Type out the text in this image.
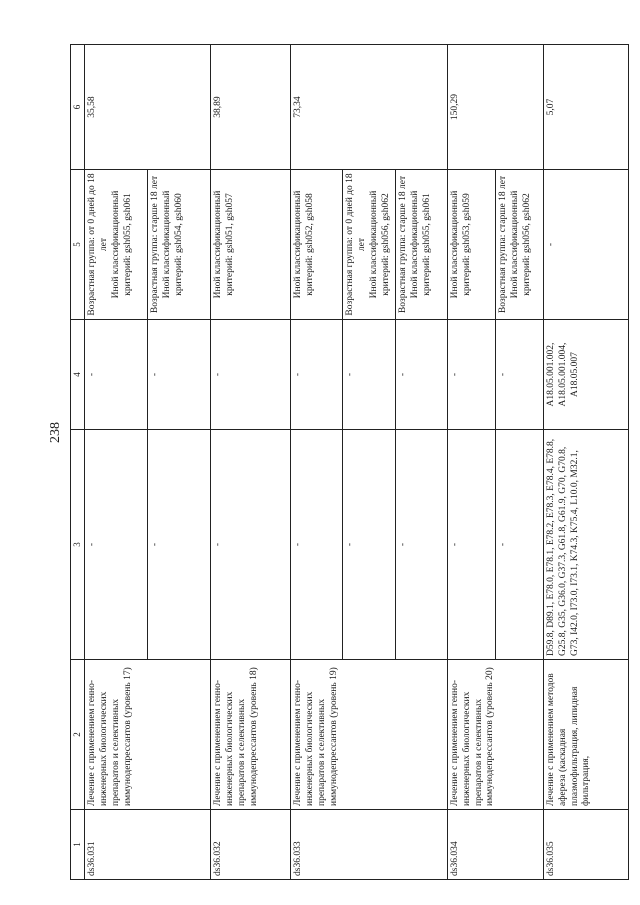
238
1	2	3	4	5	6
ds36.031	Лечение с применением генно-инженерных биологических препаратов и селективных иммунодепрессантов (уровень 17)	-	-	Возрастная группа: от 0 дней до 18 лет
Иной классификационный критерий: gsh055, gsh061	35,58
		-	-	Возрастная группа: старше 18 лет
Иной классификационный критерий: gsh054, gsh060	
ds36.032	Лечение с применением генно-инженерных биологических препаратов и селективных иммунодепрессантов (уровень 18)	-	-	Иной классификационный критерий: gsh051, gsh057	38,89
ds36.033	Лечение с применением генно-инженерных биологических препаратов и селективных иммунодепрессантов (уровень 19)	-	-	Иной классификационный критерий: gsh052, gsh058	73,34
		-	-	Возрастная группа: от 0 дней до 18 лет
Иной классификационный критерий: gsh056, gsh062	
		-	-	Возрастная группа: старше 18 лет
Иной классификационный критерий: gsh055, gsh061	
ds36.034	Лечение с применением генно-инженерных биологических препаратов и селективных иммунодепрессантов (уровень 20)	-	-	Иной классификационный критерий: gsh053, gsh059	150,29
		-	-	Возрастная группа: старше 18 лет
Иной классификационный критерий: gsh056, gsh062	
ds36.035	Лечение с применением методов афереза (каскадная плазмофильтрация, липидная фильтрация,	D59.8, D89.1, E78.0, E78.1, E78.2, E78.3, E78.4, E78.8, G25.8, G35, G36.0, G37.3, G61.8, G61.9, G70, G70.8, G73, I42.0, I73.0, I73.1, K74.3, K75.4, L10.0, M32.1,	A18.05.001.002, A18.05.001.004, A18.05.007	-	5,07
